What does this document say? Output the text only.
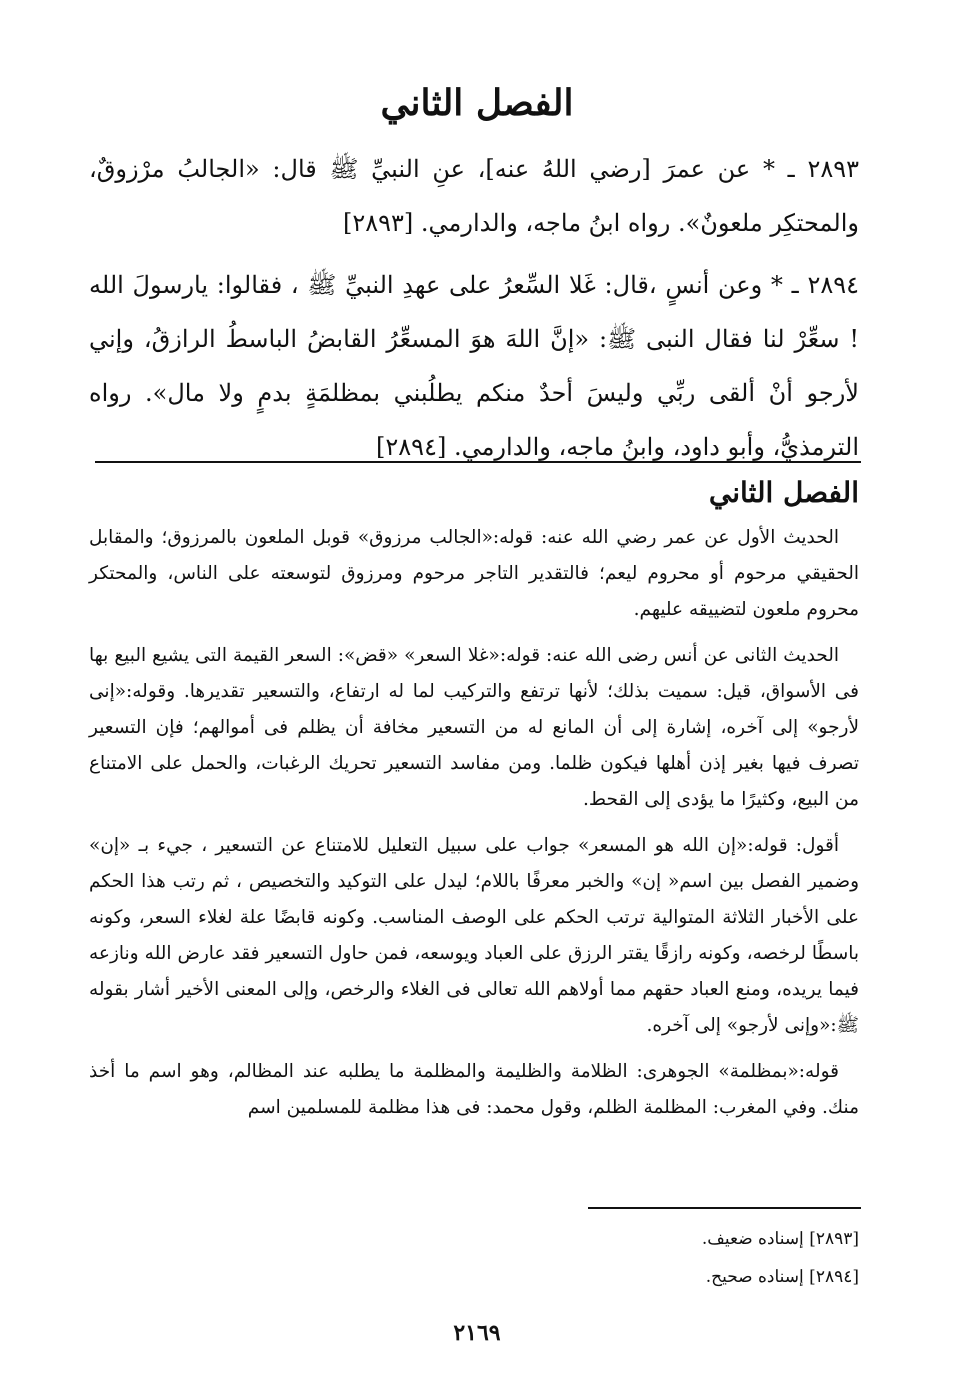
الفصل الثاني

٢٨٩٣ ـ * عن عمرَ [رضي اللهُ عنه]، عنِ النبيِّ ﷺ قال: «الجالبُ مرْزوقٌ، والمحتكِر ملعونٌ». رواه ابنُ ماجه، والدارمي. [٢٨٩٣]

٢٨٩٤ ـ * وعن أنسٍ ،قال: غَلا السِّعرُ على عهدِ النبيِّ ﷺ ، فقالوا: يارسولَ الله ! سعِّرْ لنا فقال النبى ﷺ: «إنَّ اللهَ هوَ المسعِّرُ القابضُ الباسطُ الرازقُ، وإني لأرجو أنْ ألقى ربِّي وليسَ أحدٌ منكم يطلُبني بمظلمَةٍ بدمٍ ولا مال». رواه الترمذيُّ، وأبو داود، وابنُ ماجه، والدارمي. [٢٨٩٤]

الفصل الثاني

الحديث الأول عن عمر رضي الله عنه: قوله:«الجالب مرزوق» قوبل الملعون بالمرزوق؛ والمقابل الحقيقي مرحوم أو محروم ليعم؛ فالتقدير التاجر مرحوم ومرزوق لتوسعته على الناس، والمحتكر محروم ملعون لتضييقه عليهم.

الحديث الثانى عن أنس رضى الله عنه: قوله:«غلا السعر» «قض»: السعر القيمة التى يشيع البيع بها فى الأسواق، قيل: سميت بذلك؛ لأنها ترتفع والتركيب لما له ارتفاع، والتسعير تقديرها. وقوله:«إنى لأرجو» إلى آخره، إشارة إلى أن المانع له من التسعير مخافة أن يظلم فى أموالهم؛ فإن التسعير تصرف فيها بغير إذن أهلها فيكون ظلما. ومن مفاسد التسعير تحريك الرغبات، والحمل على الامتناع من البيع، وكثيرًا ما يؤدى إلى القحط.

أقول: قوله:«إن الله هو المسعر» جواب على سبيل التعليل للامتناع عن التسعير ، جيء بـ «إن» وضمير الفصل بين اسم« إن» والخبر معرفًا باللام؛ ليدل على التوكيد والتخصيص ، ثم رتب هذا الحكم على الأخبار الثلاثة المتوالية ترتب الحكم على الوصف المناسب. وكونه قابضًا علة لغلاء السعر، وكونه باسطًا لرخصه، وكونه رازقًا يقتر الرزق على العباد ويوسعه، فمن حاول التسعير فقد عارض الله ونازعه فيما يريده، ومنع العباد حقهم مما أولاهم الله تعالى فى الغلاء والرخص، وإلى المعنى الأخير أشار بقوله ﷺ:«وإنى لأرجو» إلى آخره.

قوله:«بمظلمة» الجوهرى: الظلامة والظليمة والمظلمة ما يطلبه عند المظالم، وهو اسم ما أخذ منك. وفي المغرب: المظلمة الظلم، وقول محمد: فى هذا مظلمة للمسلمين اسم

[٢٨٩٣] إسناده ضعيف.
[٢٨٩٤] إسناده صحيح.
٢١٦٩
